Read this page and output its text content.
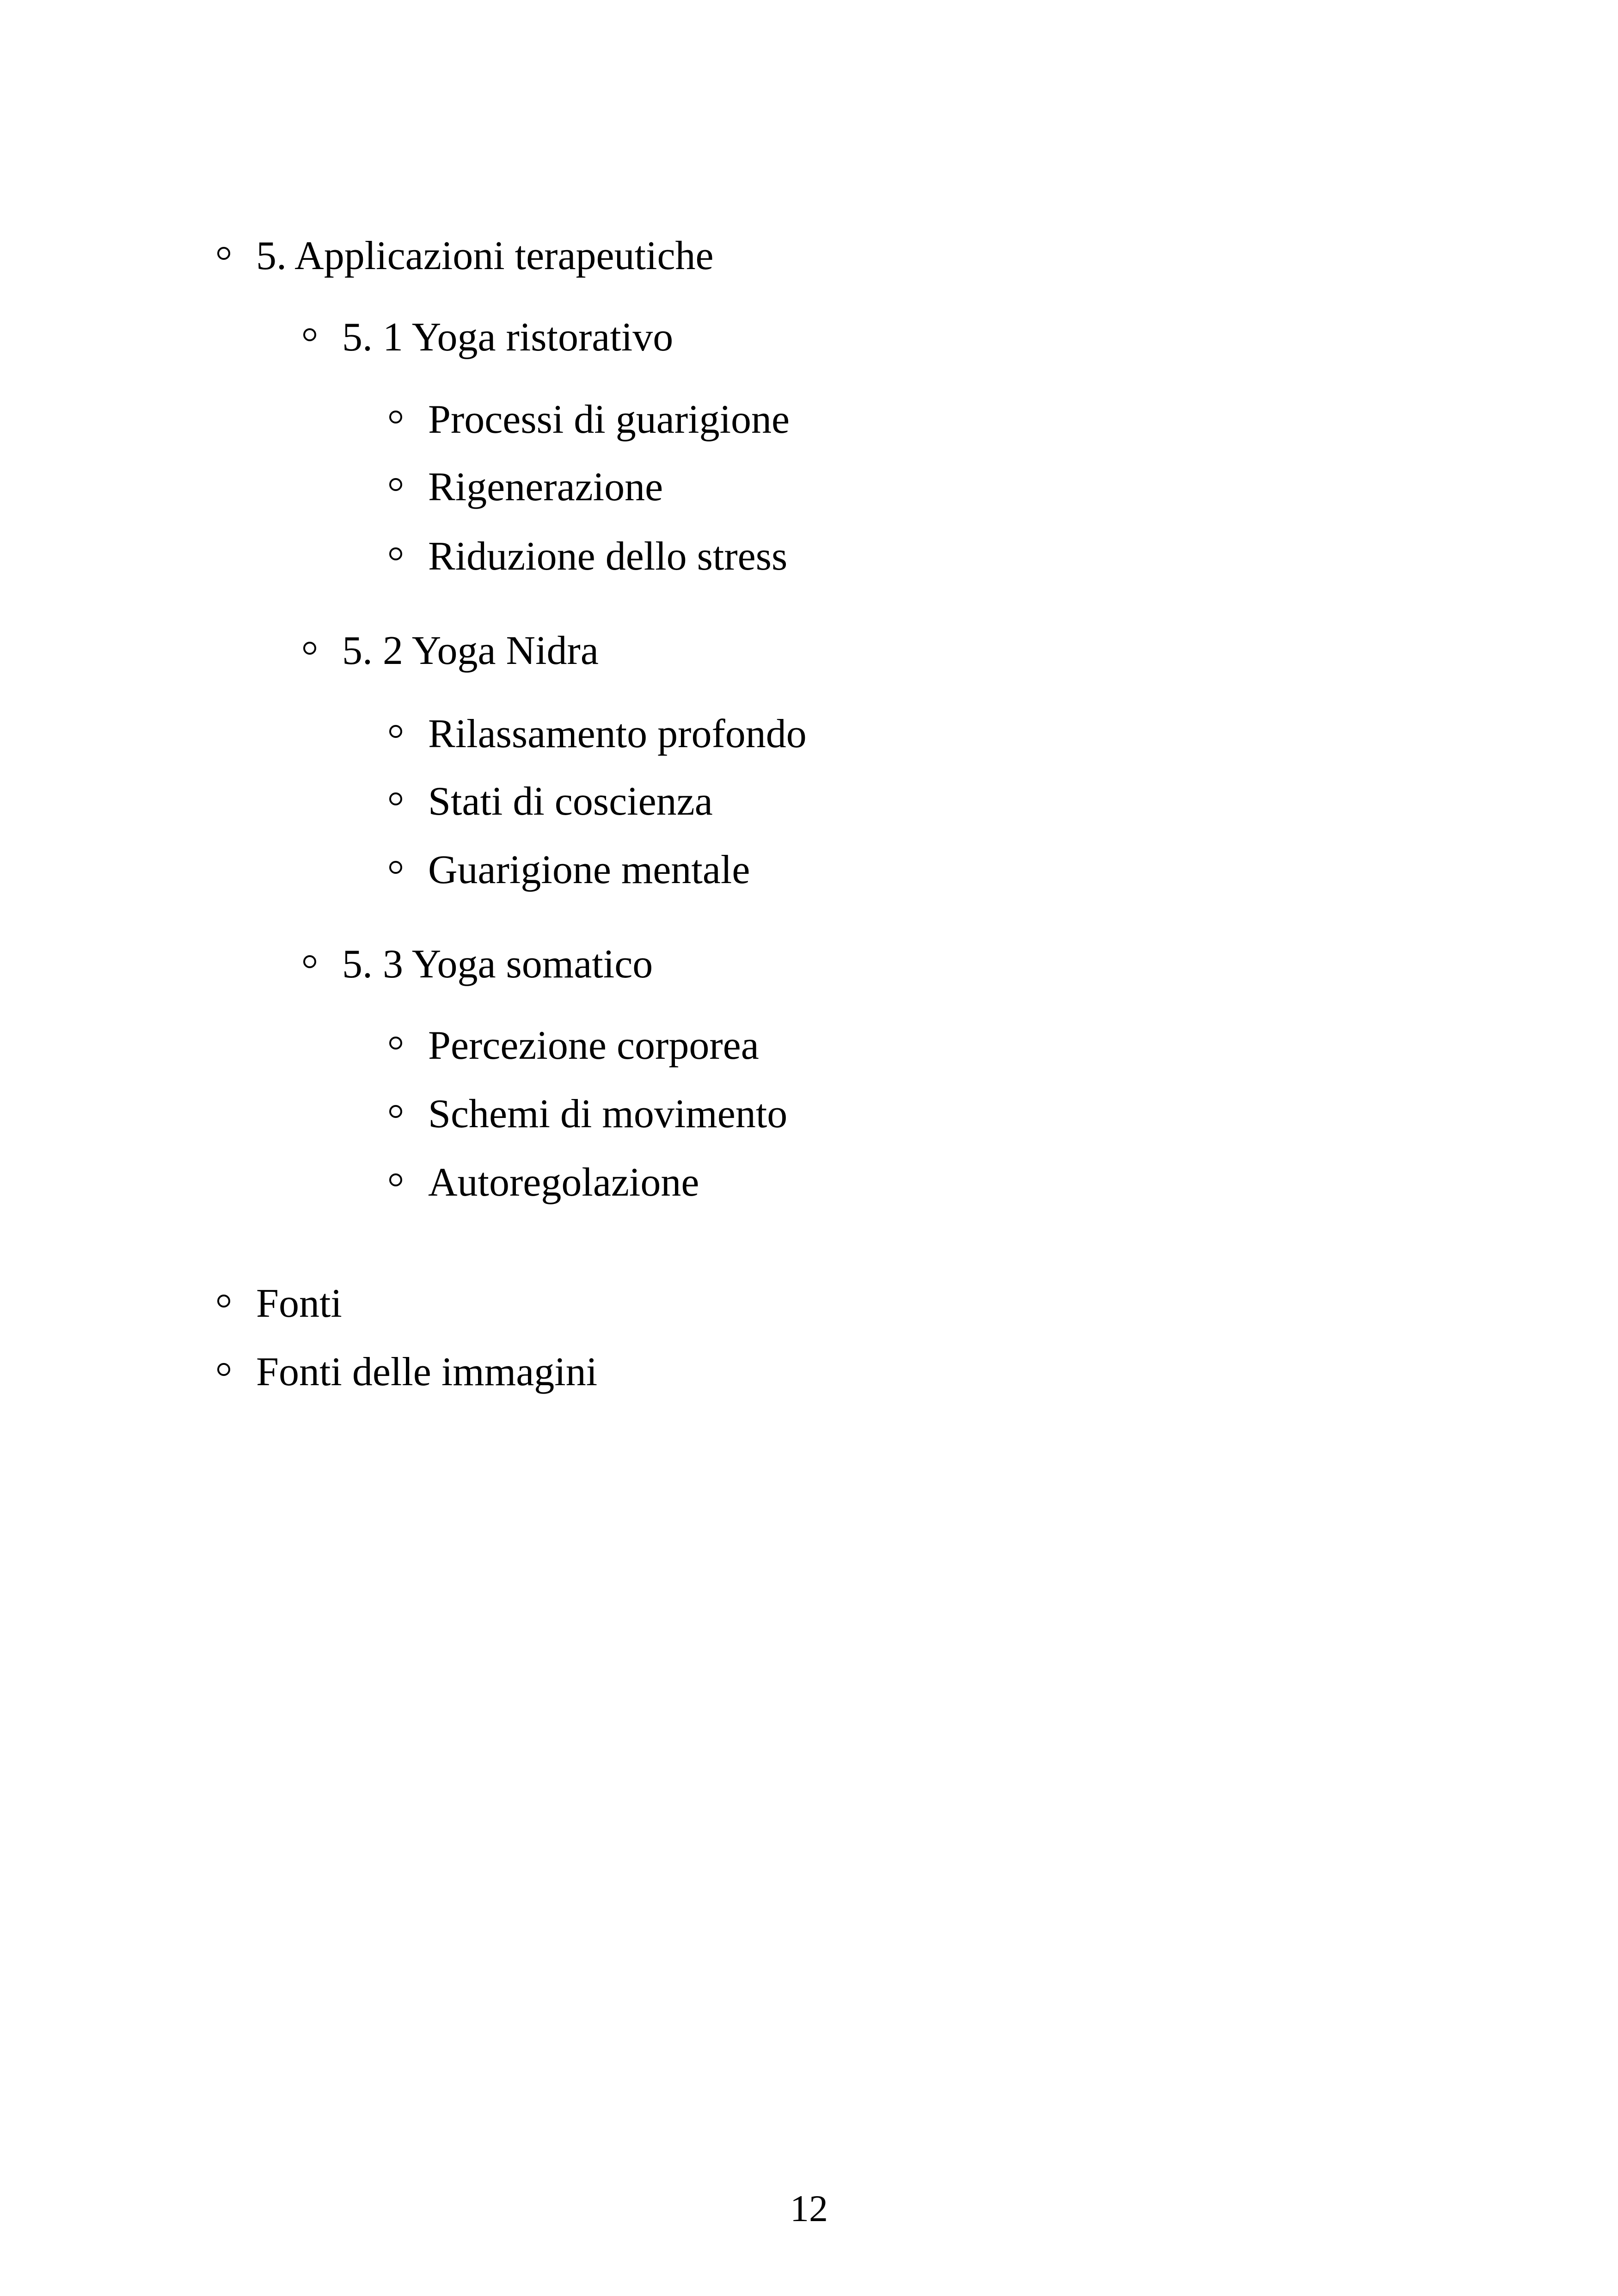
5. Applicazioni terapeutiche
5. 1 Yoga ristorativo
Processi di guarigione
Rigenerazione
Riduzione dello stress
5. 2 Yoga Nidra
Rilassamento profondo
Stati di coscienza
Guarigione mentale
5. 3 Yoga somatico
Percezione corporea
Schemi di movimento
Autoregolazione
Fonti
Fonti delle immagini
12
